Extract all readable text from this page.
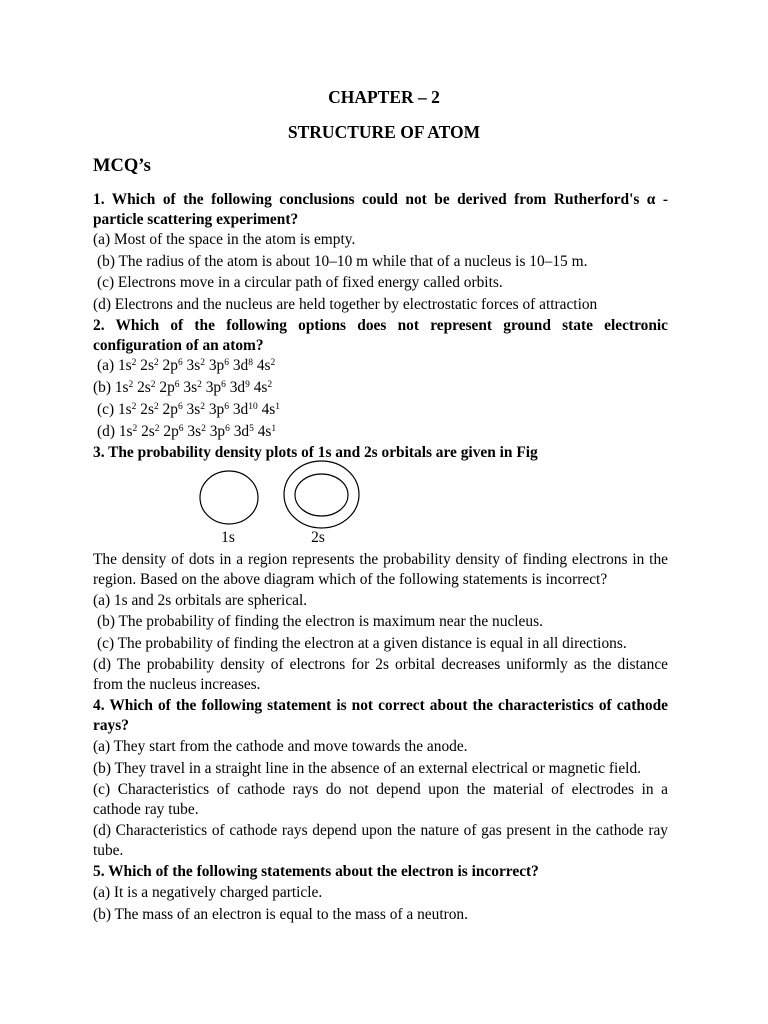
CHAPTER – 2
STRUCTURE OF ATOM
MCQ’s
1. Which of the following conclusions could not be derived from Rutherford's α -
particle scattering experiment?
(a) Most of the space in the atom is empty.
(b) The radius of the atom is about 10–10 m while that of a nucleus is 10–15 m.
(c) Electrons move in a circular path of fixed energy called orbits.
(d) Electrons and the nucleus are held together by electrostatic forces of attraction
2. Which of the following options does not represent ground state electronic
configuration of an atom?
(a) $1s^2$ $2s^2$ $2p^6$ $3s^2$ $3p^6$ $3d^8$ $4s^2$
(b) $1s^2$ $2s^2$ $2p^6$ $3s^2$ $3p^6$ $3d^9$ $4s^2$
(c) $1s^2$ $2s^2$ $2p^6$ $3s^2$ $3p^6$ $3d^{10}$ $4s^1$
(d) $1s^2$ $2s^2$ $2p^6$ $3s^2$ $3p^6$ $3d^5$ $4s^1$
3. The probability density plots of 1s and 2s orbitals are given in Fig
1s	2s
The density of dots in a region represents the probability density of finding electrons in the
region. Based on the above diagram which of the following statements is incorrect?
(a) 1s and 2s orbitals are spherical.
(b) The probability of finding the electron is maximum near the nucleus.
(c) The probability of finding the electron at a given distance is equal in all directions.
(d) The probability density of electrons for 2s orbital decreases uniformly as the distance
from the nucleus increases.
4. Which of the following statement is not correct about the characteristics of cathode
rays?
(a) They start from the cathode and move towards the anode.
(b) They travel in a straight line in the absence of an external electrical or magnetic field.
(c) Characteristics of cathode rays do not depend upon the material of electrodes in a
cathode ray tube.
(d) Characteristics of cathode rays depend upon the nature of gas present in the cathode ray
tube.
5. Which of the following statements about the electron is incorrect?
(a) It is a negatively charged particle.
(b) The mass of an electron is equal to the mass of a neutron.
